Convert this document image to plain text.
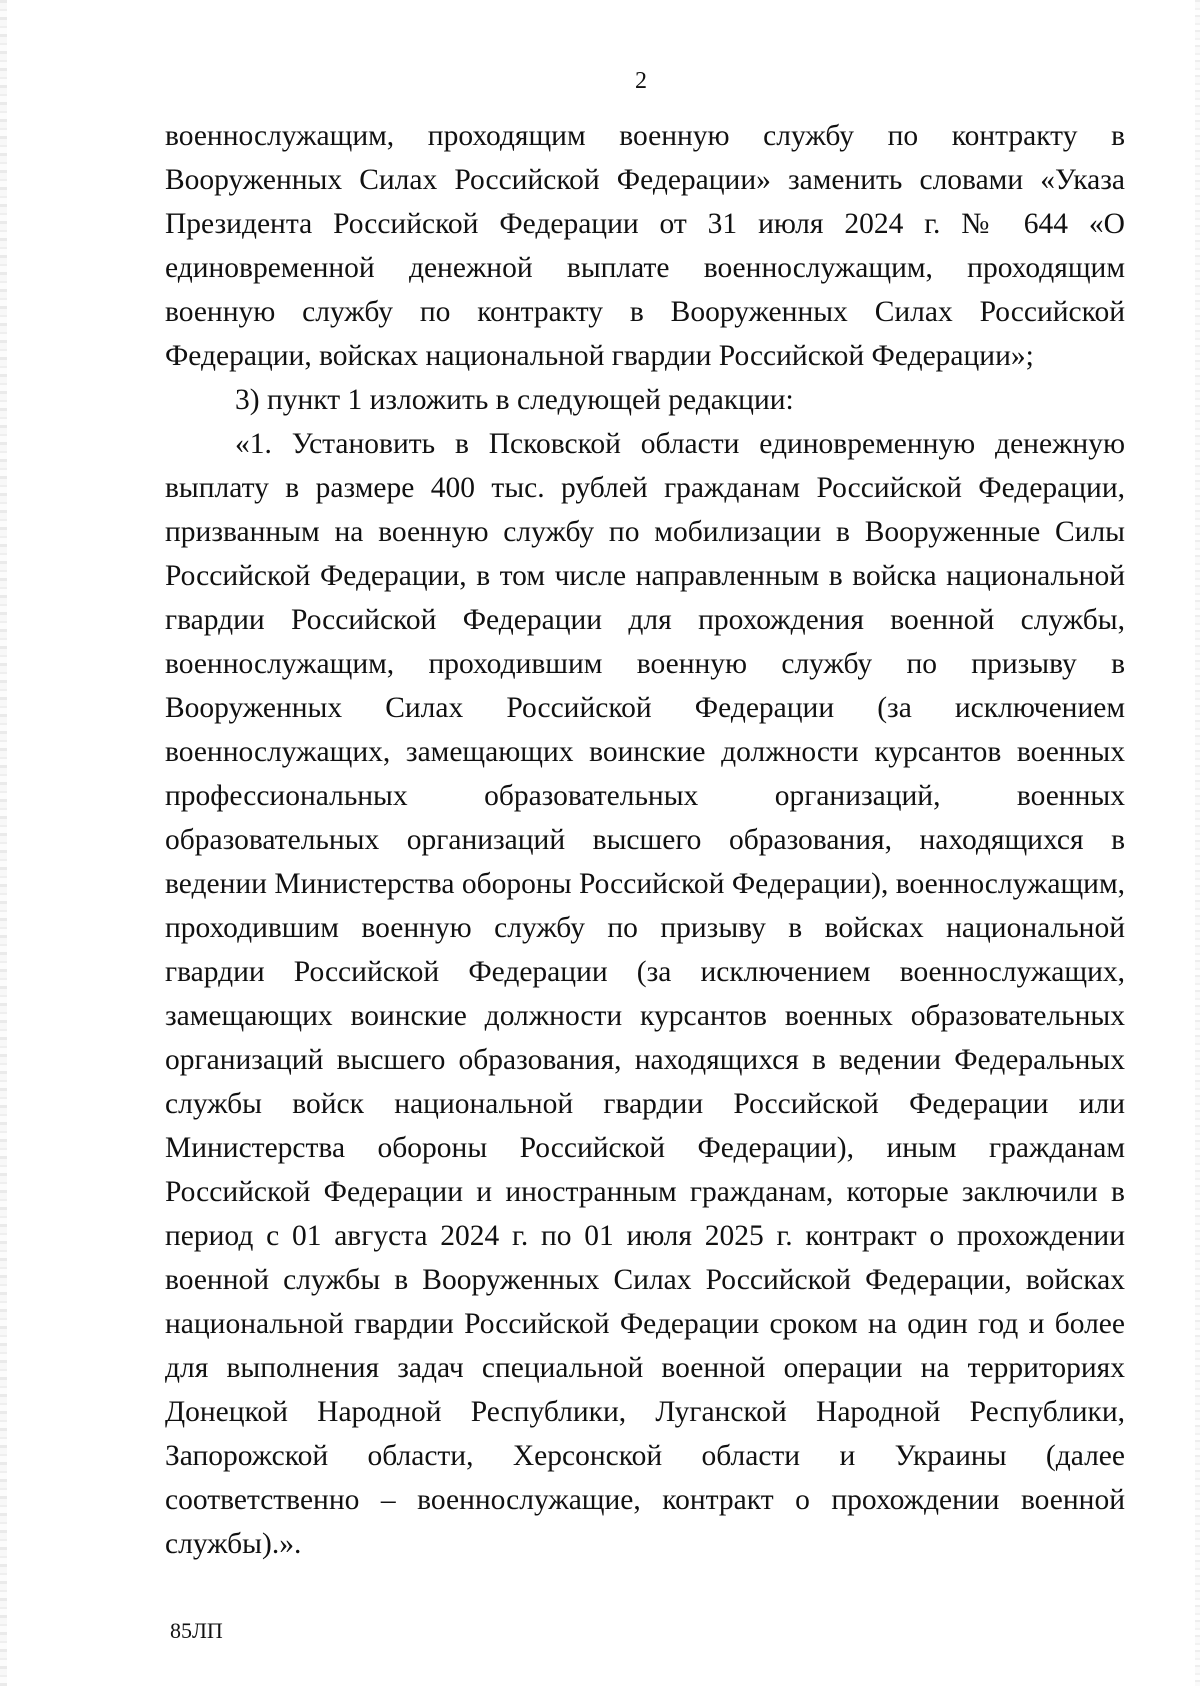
2

военнослужащим, проходящим военную службу по контракту в Вооруженных Силах Российской Федерации» заменить словами «Указа Президента Российской Федерации от 31 июля 2024 г. № 644 «О единовременной денежной выплате военнослужащим, проходящим военную службу по контракту в Вооруженных Силах Российской Федерации, войсках национальной гвардии Российской Федерации»;

3) пункт 1 изложить в следующей редакции:

«1. Установить в Псковской области единовременную денежную выплату в размере 400 тыс. рублей гражданам Российской Федерации, призванным на военную службу по мобилизации в Вооруженные Силы Российской Федерации, в том числе направленным в войска национальной гвардии Российской Федерации для прохождения военной службы, военнослужащим, проходившим военную службу по призыву в Вооруженных Силах Российской Федерации (за исключением военнослужащих, замещающих воинские должности курсантов военных профессиональных образовательных организаций, военных образовательных организаций высшего образования, находящихся в ведении Министерства обороны Российской Федерации), военнослужащим, проходившим военную службу по призыву в войсках национальной гвардии Российской Федерации (за исключением военнослужащих, замещающих воинские должности курсантов военных образовательных организаций высшего образования, находящихся в ведении Федеральных службы войск национальной гвардии Российской Федерации или Министерства обороны Российской Федерации), иным гражданам Российской Федерации и иностранным гражданам, которые заключили в период с 01 августа 2024 г. по 01 июля 2025 г. контракт о прохождении военной службы в Вооруженных Силах Российской Федерации, войсках национальной гвардии Российской Федерации сроком на один год и более для выполнения задач специальной военной операции на территориях Донецкой Народной Республики, Луганской Народной Республики, Запорожской области, Херсонской области и Украины (далее соответственно – военнослужащие, контракт о прохождении военной службы).».

85ЛП
